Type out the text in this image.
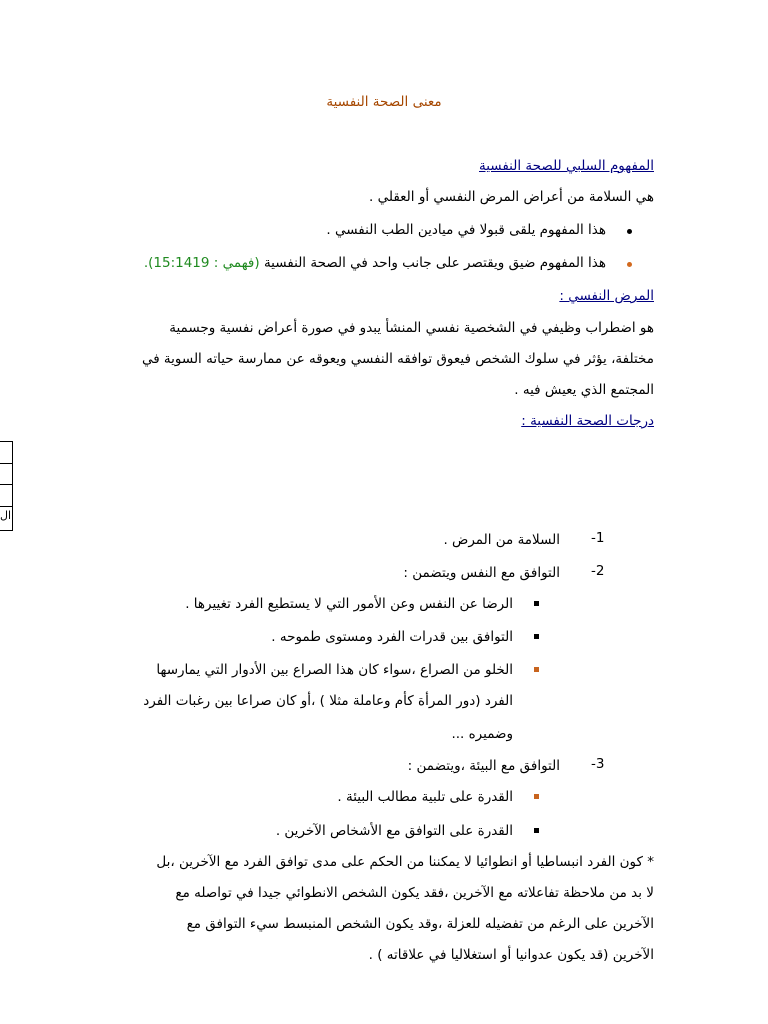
معنى الصحة النفسية
المفهوم السلبي للصحة النفسية
هي السلامة من أعراض المرض النفسي أو العقلي .
هذا المفهوم يلقى قبولا في ميادين الطب النفسي .
هذا المفهوم ضيق ويقتصر على جانب واحد في الصحة النفسية (فهمي : 15:1419).
المرض النفسي :
هو اضطراب وظيفي في الشخصية نفسي المنشأ يبدو في صورة أعراض نفسية وجسمية
مختلفة، يؤثر في سلوك الشخص فيعوق توافقه النفسي ويعوقه عن ممارسة حياته السوية في
المجتمع الذي يعيش فيه .
درجات الصحة النفسية :
-1
السلامة من المرض .
-2
التوافق مع النفس ويتضمن :
الرضا عن النفس وعن الأمور التي لا يستطيع الفرد تغييرها .
التوافق بين قدرات الفرد ومستوى طموحه .
الخلو من الصراع ،سواء كان هذا الصراع بين الأدوار التي يمارسها
الفرد (دور المرأة كأم وعاملة مثلا ) ،أو كان صراعا بين رغبات الفرد
وضميره ...
-3
التوافق مع البيئة ،ويتضمن :
القدرة على تلبية مطالب البيئة .
القدرة على التوافق مع الأشخاص الآخرين .
* كون الفرد انبساطيا أو انطوائيا لا يمكننا من الحكم على مدى توافق الفرد مع الآخرين ،بل
لا بد من ملاحظة تفاعلاته مع الآخرين ،فقد يكون الشخص الانطوائي جيدا في تواصله مع
الآخرين على الرغم من تفضيله للعزلة ،وقد يكون الشخص المنبسط سيء التوافق مع
الآخرين (قد يكون عدوانيا أو استغلاليا في علاقاته ) .
ال
